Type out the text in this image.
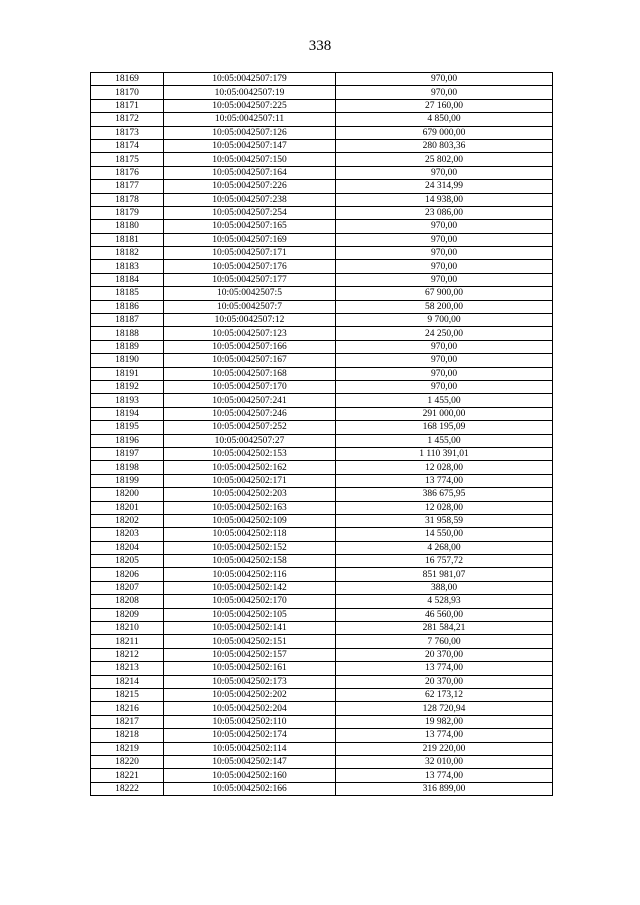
338
18169	10:05:0042507:179	970,00
18170	10:05:0042507:19	970,00
18171	10:05:0042507:225	27 160,00
18172	10:05:0042507:11	4 850,00
18173	10:05:0042507:126	679 000,00
18174	10:05:0042507:147	280 803,36
18175	10:05:0042507:150	25 802,00
18176	10:05:0042507:164	970,00
18177	10:05:0042507:226	24 314,99
18178	10:05:0042507:238	14 938,00
18179	10:05:0042507:254	23 086,00
18180	10:05:0042507:165	970,00
18181	10:05:0042507:169	970,00
18182	10:05:0042507:171	970,00
18183	10:05:0042507:176	970,00
18184	10:05:0042507:177	970,00
18185	10:05:0042507:5	67 900,00
18186	10:05:0042507:7	58 200,00
18187	10:05:0042507:12	9 700,00
18188	10:05:0042507:123	24 250,00
18189	10:05:0042507:166	970,00
18190	10:05:0042507:167	970,00
18191	10:05:0042507:168	970,00
18192	10:05:0042507:170	970,00
18193	10:05:0042507:241	1 455,00
18194	10:05:0042507:246	291 000,00
18195	10:05:0042507:252	168 195,09
18196	10:05:0042507:27	1 455,00
18197	10:05:0042502:153	1 110 391,01
18198	10:05:0042502:162	12 028,00
18199	10:05:0042502:171	13 774,00
18200	10:05:0042502:203	386 675,95
18201	10:05:0042502:163	12 028,00
18202	10:05:0042502:109	31 958,59
18203	10:05:0042502:118	14 550,00
18204	10:05:0042502:152	4 268,00
18205	10:05:0042502:158	16 757,72
18206	10:05:0042502:116	851 981,07
18207	10:05:0042502:142	388,00
18208	10:05:0042502:170	4 528,93
18209	10:05:0042502:105	46 560,00
18210	10:05:0042502:141	281 584,21
18211	10:05:0042502:151	7 760,00
18212	10:05:0042502:157	20 370,00
18213	10:05:0042502:161	13 774,00
18214	10:05:0042502:173	20 370,00
18215	10:05:0042502:202	62 173,12
18216	10:05:0042502:204	128 720,94
18217	10:05:0042502:110	19 982,00
18218	10:05:0042502:174	13 774,00
18219	10:05:0042502:114	219 220,00
18220	10:05:0042502:147	32 010,00
18221	10:05:0042502:160	13 774,00
18222	10:05:0042502:166	316 899,00
